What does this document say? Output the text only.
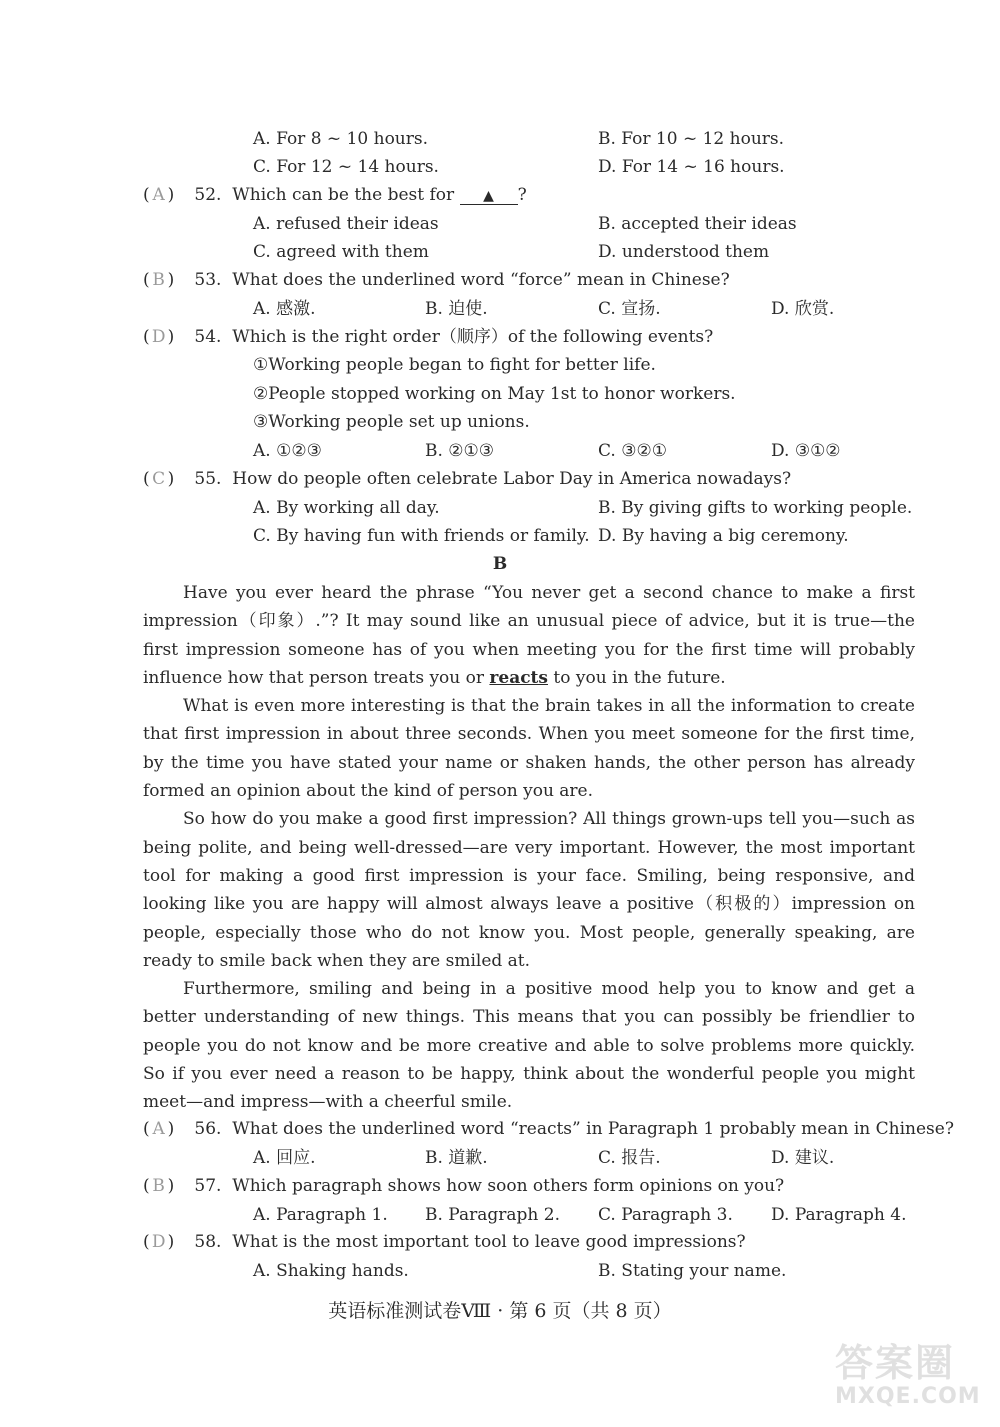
A. For 8 ~ 10 hours.	B. For 10 ~ 12 hours.
C. For 12 ~ 14 hours.	D. For 14 ~ 16 hours.
( A ) 52. Which can be the best for ▲ ?
A. refused their ideas	B. accepted their ideas
C. agreed with them	D. understood them
( B ) 53. What does the underlined word “force” mean in Chinese?
A. 感激.	B. 迫使.	C. 宣扬.	D. 欣赏.
( D ) 54. Which is the right order（顺序）of the following events?
①Working people began to fight for better life.
②People stopped working on May 1st to honor workers.
③Working people set up unions.
A. ①②③	B. ②①③	C. ③②①	D. ③①②
( C ) 55. How do people often celebrate Labor Day in America nowadays?
A. By working all day.	B. By giving gifts to working people.
C. By having fun with friends or family. D. By having a big ceremony.
B

Have you ever heard the phrase “You never get a second chance to make a first impression（印象）.”? It may sound like an unusual piece of advice, but it is true—the first impression someone has of you when meeting you for the first time will probably influence how that person treats you or reacts to you in the future.

What is even more interesting is that the brain takes in all the information to create that first impression in about three seconds. When you meet someone for the first time, by the time you have stated your name or shaken hands, the other person has already formed an opinion about the kind of person you are.

So how do you make a good first impression? All things grown-ups tell you—such as being polite, and being well-dressed—are very important. However, the most important tool for making a good first impression is your face. Smiling, being responsive, and looking like you are happy will almost always leave a positive（积极的）impression on people, especially those who do not know you. Most people, generally speaking, are ready to smile back when they are smiled at.

Furthermore, smiling and being in a positive mood help you to know and get a better understanding of new things. This means that you can possibly be friendlier to people you do not know and be more creative and able to solve problems more quickly. So if you ever need a reason to be happy, think about the wonderful people you might meet—and impress—with a cheerful smile.

( A ) 56. What does the underlined word “reacts” in Paragraph 1 probably mean in Chinese?
A. 回应.	B. 道歉.	C. 报告.	D. 建议.
( B ) 57. Which paragraph shows how soon others form opinions on you?
A. Paragraph 1. B. Paragraph 2. C. Paragraph 3. D. Paragraph 4.
( D ) 58. What is the most important tool to leave good impressions?
A. Shaking hands.	B. Stating your name.
英语标准测试卷Ⅷ · 第 6 页（共 8 页）
答案圈
MXQE.COM
